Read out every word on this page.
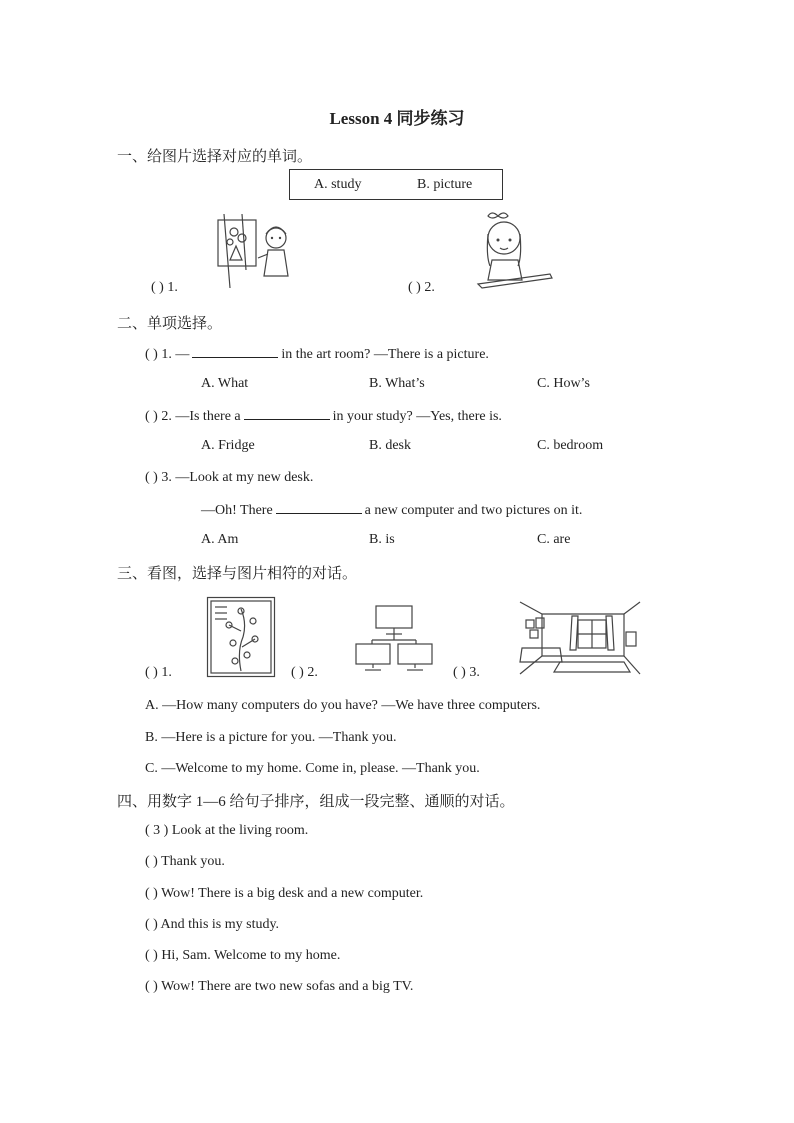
Lesson 4 同步练习
一、给图片选择对应的单词。
A. study	B. picture
( ) 1.	( ) 2.
二、单项选择。
( ) 1. —	in the art room? —There is a picture.
A. What	B. What’s	C. How’s
( ) 2. —Is there a	in your study? —Yes, there is.
A. Fridge	B. desk	C. bedroom
( ) 3. —Look at my new desk.
—Oh! There	a new computer and two pictures on it.
A. Am	B. is	C. are
三、看图，选择与图片相符的对话。
( ) 1.	( ) 2.	( ) 3.
A. —How many computers do you have? —We have three computers.
B. —Here is a picture for you. —Thank you.
C. —Welcome to my home. Come in, please. —Thank you.
四、用数字 1—6 给句子排序，组成一段完整、通顺的对话。
( 3 ) Look at the living room.
( ) Thank you.
( ) Wow! There is a big desk and a new computer.
( ) And this is my study.
( ) Hi, Sam. Welcome to my home.
( ) Wow! There are two new sofas and a big TV.
